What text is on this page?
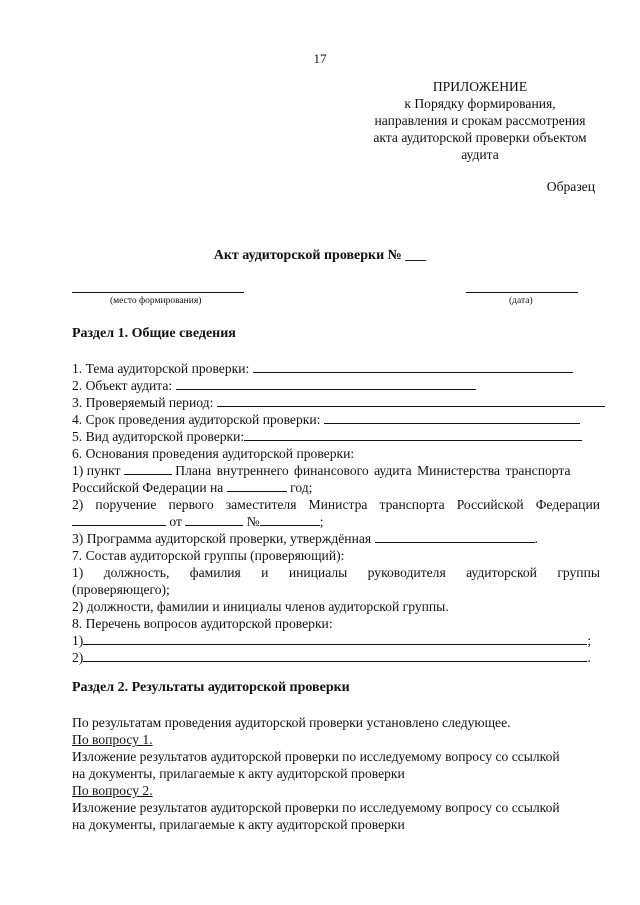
17
ПРИЛОЖЕНИЕ
к Порядку формирования,
направления и срокам рассмотрения
акта аудиторской проверки объектом
аудита
Образец
Акт аудиторской проверки № ___
(место формирования)	(дата)
Раздел 1. Общие сведения
1. Тема аудиторской проверки:
2. Объект аудита:
3. Проверяемый период:
4. Срок проведения аудиторской проверки:
5. Вид аудиторской проверки:
6. Основания проведения аудиторской проверки:
1) пункт	Плана внутреннего финансового аудита Министерства транспорта
Российской Федерации на	год;
2) поручение первого заместителя Министра транспорта Российской Федерации
от	№	;
3) Программа аудиторской проверки, утверждённая	.
7. Состав аудиторской группы (проверяющий):
1) должность, фамилия и инициалы руководителя аудиторской группы
(проверяющего);
2) должности, фамилии и инициалы членов аудиторской группы.
8. Перечень вопросов аудиторской проверки:
1)	;
2)	.
Раздел 2. Результаты аудиторской проверки
По результатам проведения аудиторской проверки установлено следующее.
По вопросу 1.
Изложение результатов аудиторской проверки по исследуемому вопросу со ссылкой
на документы, прилагаемые к акту аудиторской проверки
По вопросу 2.
Изложение результатов аудиторской проверки по исследуемому вопросу со ссылкой
на документы, прилагаемые к акту аудиторской проверки
